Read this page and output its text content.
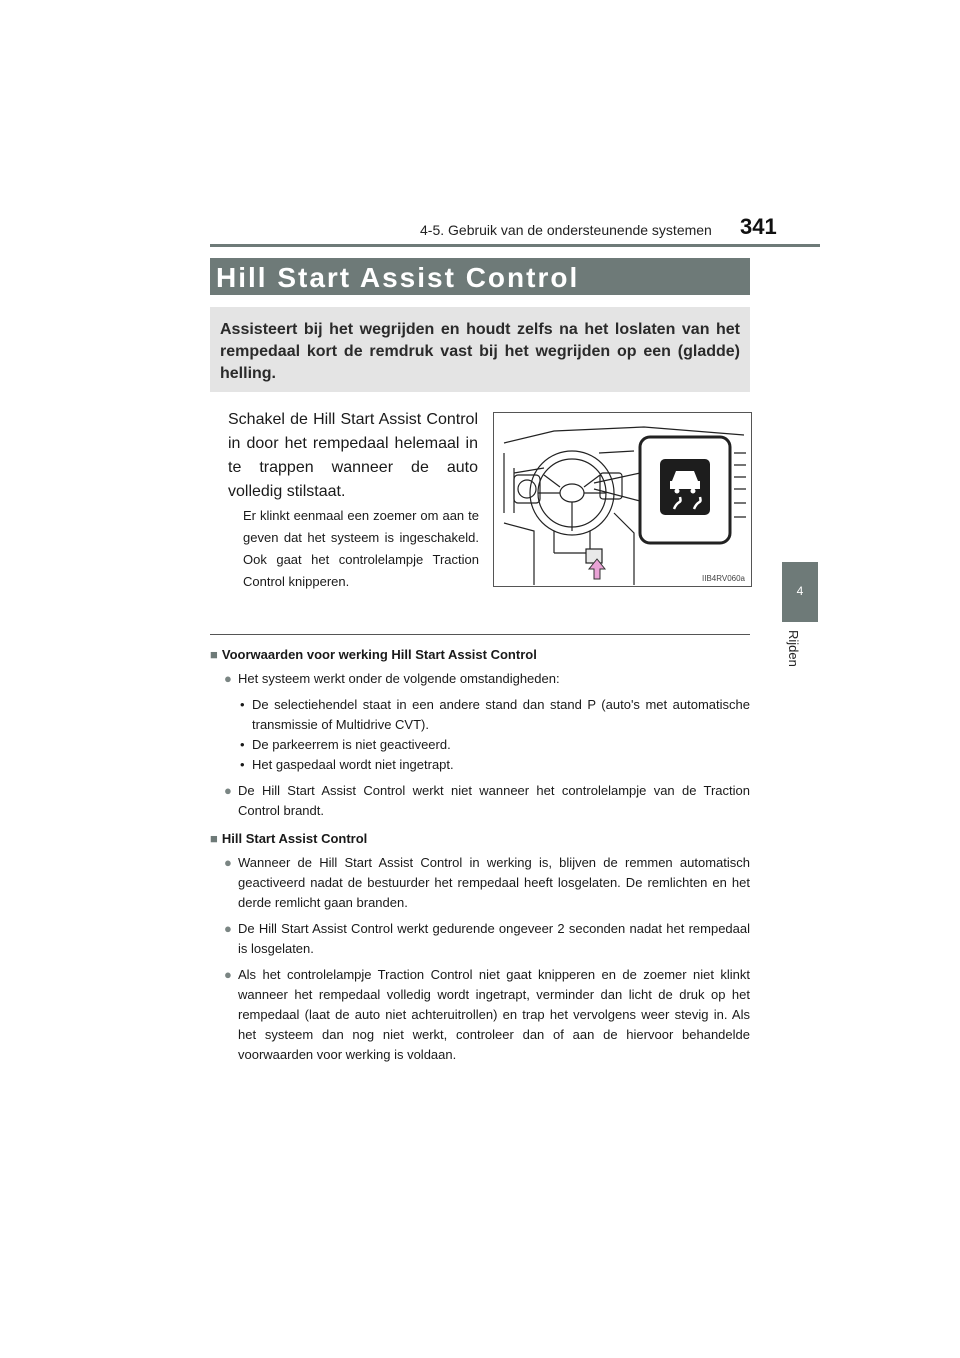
4-5. Gebruik van de ondersteunende systemen 341
4
Rijden
Hill Start Assist Control

Assisteert bij het wegrijden en houdt zelfs na het loslaten van het rempedaal kort de remdruk vast bij het wegrijden op een (gladde) helling.

Schakel de Hill Start Assist Control in door het rempedaal helemaal in te trappen wanneer de auto volledig stilstaat.
Er klinkt eenmaal een zoemer om aan te geven dat het systeem is ingeschakeld. Ook gaat het controlelampje Traction Control knipperen.	IIB4RV060a

■ Voorwaarden voor werking Hill Start Assist Control

● Het systeem werkt onder de volgende omstandigheden:

• De selectiehendel staat in een andere stand dan stand P (auto's met automatische transmissie of Multidrive CVT).

• De parkeerrem is niet geactiveerd.

• Het gaspedaal wordt niet ingetrapt.

● De Hill Start Assist Control werkt niet wanneer het controlelampje van de Traction Control brandt.

■ Hill Start Assist Control

● Wanneer de Hill Start Assist Control in werking is, blijven de remmen automatisch geactiveerd nadat de bestuurder het rempedaal heeft losgelaten. De remlichten en het derde remlicht gaan branden.
● De Hill Start Assist Control werkt gedurende ongeveer 2 seconden nadat het rempedaal is losgelaten.
● Als het controlelampje Traction Control niet gaat knipperen en de zoemer niet klinkt wanneer het rempedaal volledig wordt ingetrapt, verminder dan licht de druk op het rempedaal (laat de auto niet achteruitrollen) en trap het vervolgens weer stevig in. Als het systeem dan nog niet werkt, controleer dan of aan de hiervoor behandelde voorwaarden voor werking is voldaan.
